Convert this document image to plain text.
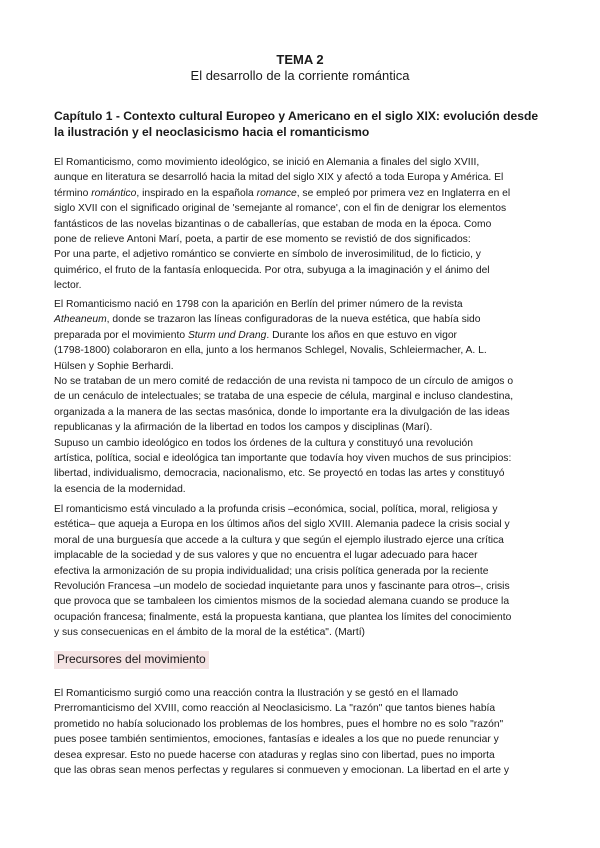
TEMA 2
El desarrollo de la corriente romántica
Capítulo 1 - Contexto cultural Europeo y Americano en el siglo XIX: evolución desde
la ilustración y el neoclasicismo hacia el romanticismo
El Romanticismo, como movimiento ideológico, se inició en Alemania a finales del siglo XVIII,
aunque en literatura se desarrolló hacia la mitad del siglo XIX y afectó a toda Europa y América. El
término romántico, inspirado en la española romance, se empleó por primera vez en Inglaterra en el
siglo XVII con el significado original de 'semejante al romance', con el fin de denigrar los elementos
fantásticos de las novelas bizantinas o de caballerías, que estaban de moda en la época. Como
pone de relieve Antoni Marí, poeta, a partir de ese momento se revistió de dos significados:
Por una parte, el adjetivo romántico se convierte en símbolo de inverosimilitud, de lo ficticio, y
quimérico, el fruto de la fantasía enloquecida. Por otra, subyuga a la imaginación y el ánimo del
lector.
El Romanticismo nació en 1798 con la aparición en Berlín del primer número de la revista
Atheaneum, donde se trazaron las líneas configuradoras de la nueva estética, que había sido
preparada por el movimiento Sturm und Drang. Durante los años en que estuvo en vigor
(1798-1800) colaboraron en ella, junto a los hermanos Schlegel, Novalis, Schleiermacher, A. L.
Hülsen y Sophie Berhardi.
No se trataban de un mero comité de redacción de una revista ni tampoco de un círculo de amigos o
de un cenáculo de intelectuales; se trataba de una especie de célula, marginal e incluso clandestina,
organizada a la manera de las sectas masónica, donde lo importante era la divulgación de las ideas
republicanas y la afirmación de la libertad en todos los campos y disciplinas (Marí).
Supuso un cambio ideológico en todos los órdenes de la cultura y constituyó una revolución
artística, política, social e ideológica tan importante que todavía hoy viven muchos de sus principios:
libertad, individualismo, democracia, nacionalismo, etc. Se proyectó en todas las artes y constituyó
la esencia de la modernidad.
El romanticismo está vinculado a la profunda crisis –económica, social, política, moral, religiosa y
estética– que aqueja a Europa en los últimos años del siglo XVIII. Alemania padece la crisis social y
moral de una burguesía que accede a la cultura y que según el ejemplo ilustrado ejerce una crítica
implacable de la sociedad y de sus valores y que no encuentra el lugar adecuado para hacer
efectiva la armonización de su propia individualidad; una crisis política generada por la reciente
Revolución Francesa –un modelo de sociedad inquietante para unos y fascinante para otros–, crisis
que provoca que se tambaleen los cimientos mismos de la sociedad alemana cuando se produce la
ocupación francesa; finalmente, está la propuesta kantiana, que plantea los límites del conocimiento
y sus consecuenicas en el ámbito de la moral de la estética". (Martí)
Precursores del movimiento
El Romanticismo surgió como una reacción contra la Ilustración y se gestó en el llamado
Prerromanticismo del XVIII, como reacción al Neoclasicismo. La "razón" que tantos bienes había
prometido no había solucionado los problemas de los hombres, pues el hombre no es solo "razón"
pues posee también sentimientos, emociones, fantasías e ideales a los que no puede renunciar y
desea expresar. Esto no puede hacerse con ataduras y reglas sino con libertad, pues no importa
que las obras sean menos perfectas y regulares si conmueven y emocionan. La libertad en el arte y
